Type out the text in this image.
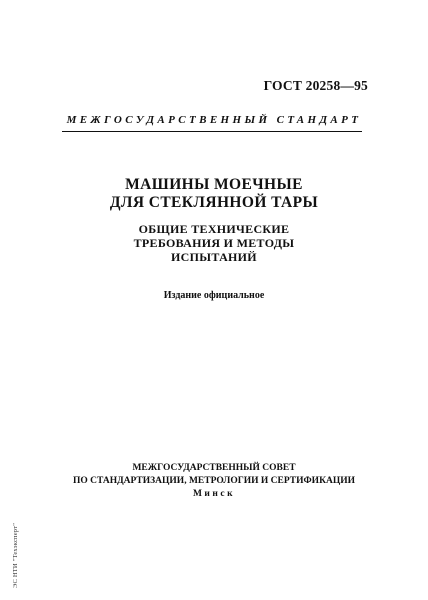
ГОСТ 20258—95
МЕЖГОСУДАРСТВЕННЫЙ СТАНДАРТ
МАШИНЫ МОЕЧНЫЕ
ДЛЯ СТЕКЛЯННОЙ ТАРЫ
ОБЩИЕ ТЕХНИЧЕСКИЕ
ТРЕБОВАНИЯ И МЕТОДЫ
ИСПЫТАНИЙ
Издание официальное
МЕЖГОСУДАРСТВЕННЫЙ СОВЕТ
ПО СТАНДАРТИЗАЦИИ, МЕТРОЛОГИИ И СЕРТИФИКАЦИИ
Минск
ЭС НТИ "Техэксперт"
